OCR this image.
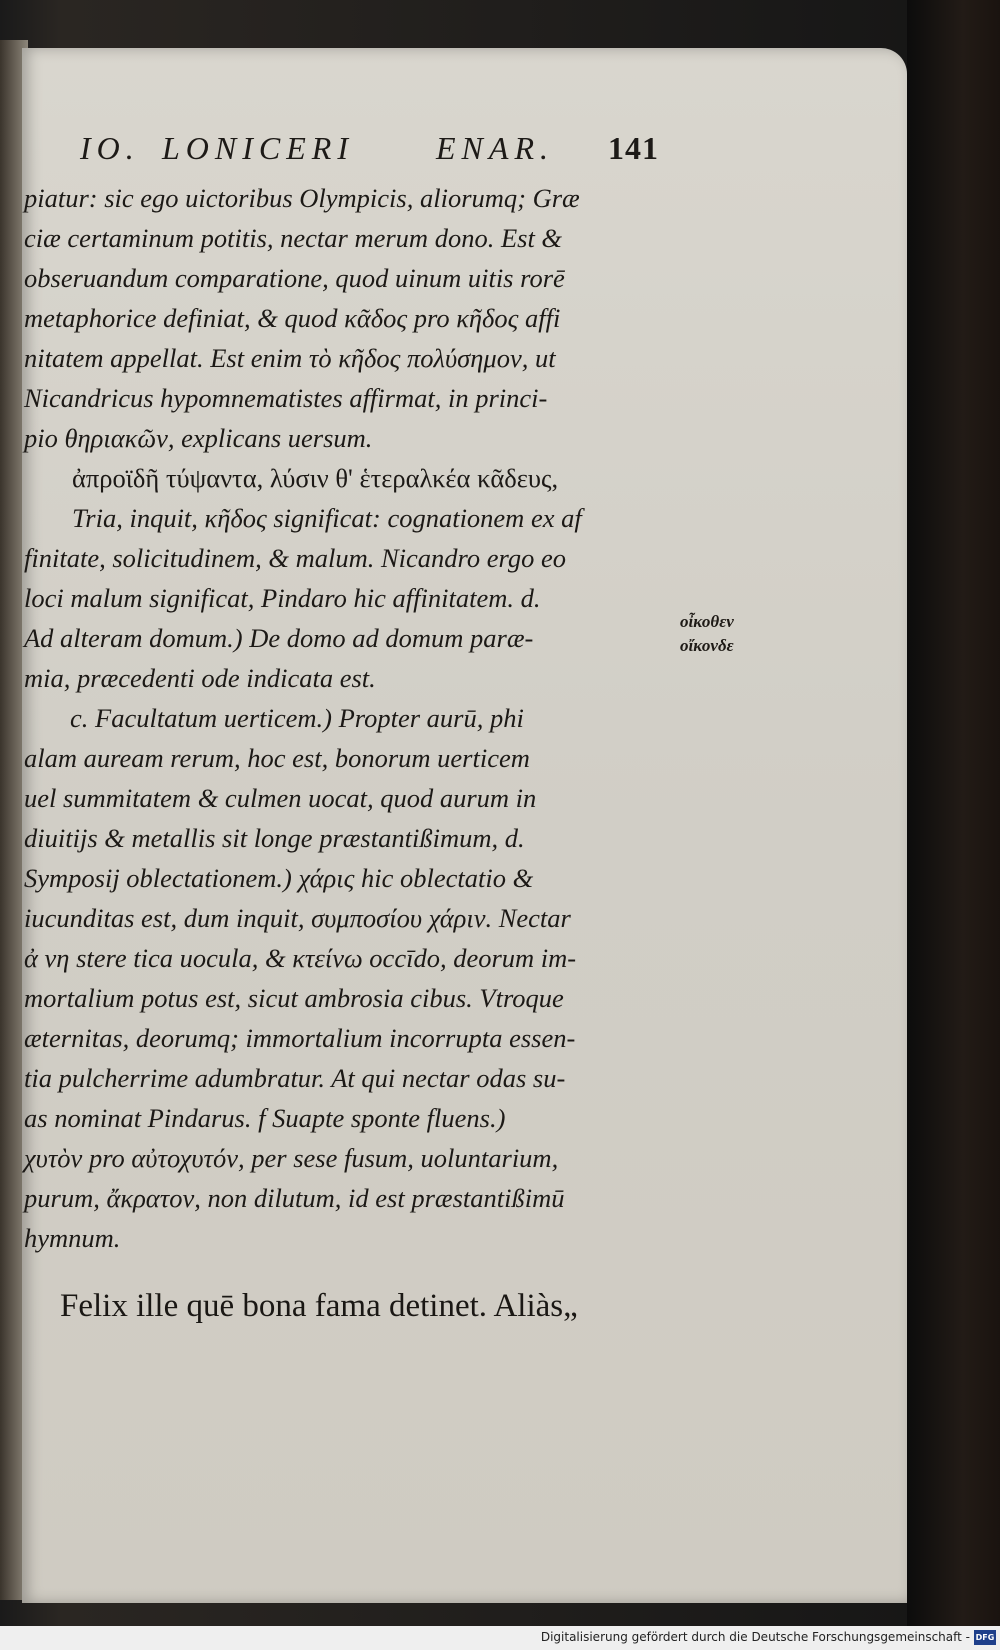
IO. LONICERI	ENAR. 141
piatur: sic ego uictoribus Olympicis, aliorumq; Græ
ciæ certaminum potitis, nectar merum dono. Est &
obseruandum comparatione, quod uinum uitis rorē
metaphorice definiat, & quod κᾶδος pro κῆδος affi
nitatem appellat. Est enim τὸ κῆδος πολύσημον, ut
Nicandricus hypomnematistes affirmat, in princi-
pio θηριακῶν, explicans uersum.
ἀπροϊδῆ τύψαντα, λύσιν θ' ἑτεραλκέα κᾶδευς,
Tria, inquit, κῆδος significat: cognationem ex af
finitate, solicitudinem, & malum. Nicandro ergo eo
loci malum significat, Pindaro hic affinitatem. d.
Ad alteram domum.) De domo ad domum paræ-
mia, præcedenti ode indicata est.
c. Facultatum uerticem.) Propter aurū, phi
alam auream rerum, hoc est, bonorum uerticem
uel summitatem & culmen uocat, quod aurum in
diuitijs & metallis sit longe præstantißimum, d.
Symposij oblectationem.) χάρις hic oblectatio &
iucunditas est, dum inquit, συμποσίου χάριν. Nectar
ἀ νη stere tica uocula, & κτείνω occīdo, deorum im-
mortalium potus est, sicut ambrosia cibus. Vtroque
æternitas, deorumq; immortalium incorrupta essen-
tia pulcherrime adumbratur. At qui nectar odas su-
as nominat Pindarus. f Suapte sponte fluens.)
χυτὸν pro αὐτοχυτόν, per sese fusum, uoluntarium,
purum, ἄκρατον, non dilutum, id est præstantißimū
hymnum.
οἶκοθεν
οἴκονδε
Felix ille quē bona fama detinet. Aliàs„
Digitalisierung gefördert durch die Deutsche Forschungsgemeinschaft - DFG
